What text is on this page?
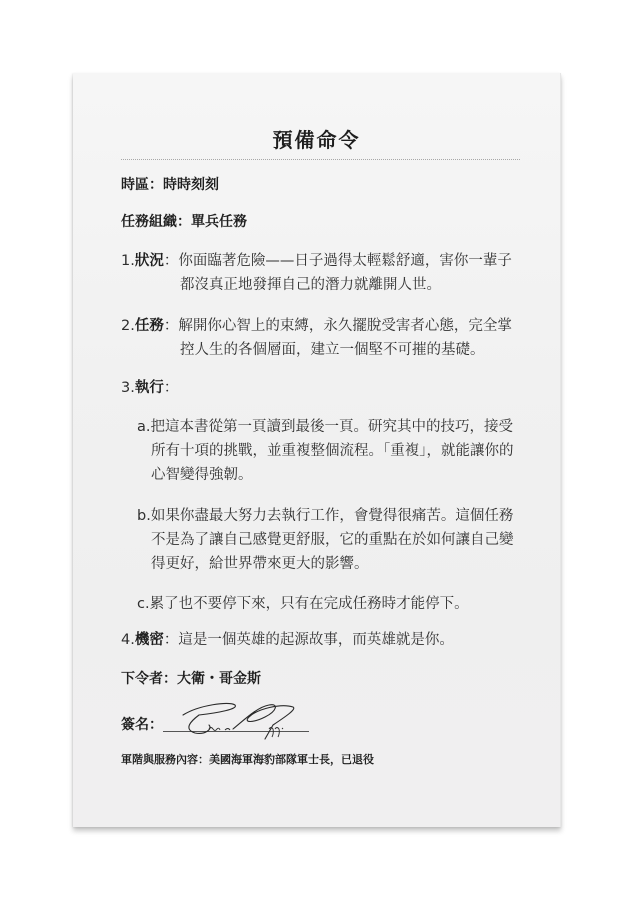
預備命令
時區：時時刻刻
任務組織：單兵任務
1.狀況：你面臨著危險——日子過得太輕鬆舒適，害你一輩子都沒真正地發揮自己的潛力就離開人世。
2.任務：解開你心智上的束縛，永久擺脫受害者心態，完全掌控人生的各個層面，建立一個堅不可摧的基礎。
3.執行：
a.把這本書從第一頁讀到最後一頁。研究其中的技巧，接受所有十項的挑戰，並重複整個流程。「重複」，就能讓你的心智變得強韌。
b.如果你盡最大努力去執行工作，會覺得很痛苦。這個任務不是為了讓自己感覺更舒服，它的重點在於如何讓自己變得更好，給世界帶來更大的影響。
c.累了也不要停下來，只有在完成任務時才能停下。
4.機密：這是一個英雄的起源故事，而英雄就是你。
下令者：大衛・哥金斯
簽名：
軍階與服務內容：美國海軍海豹部隊軍士長，已退役
